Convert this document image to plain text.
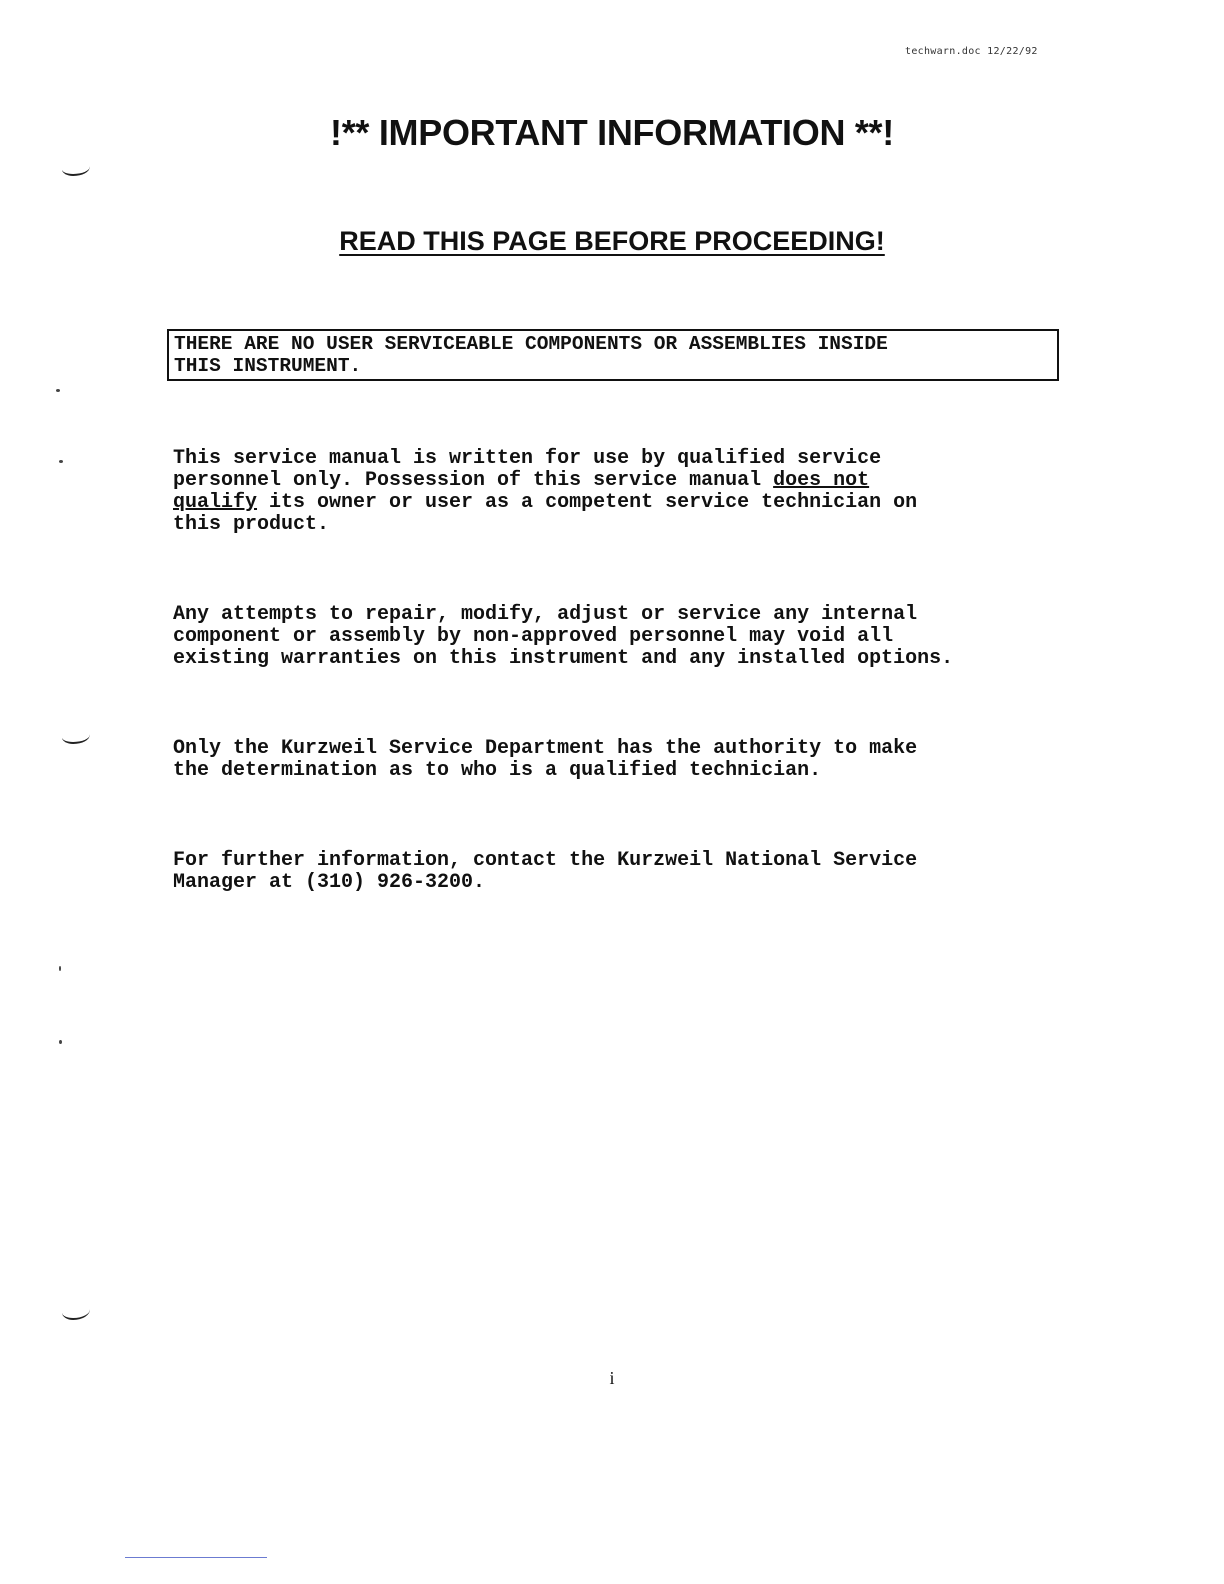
techwarn.doc 12/22/92
!** IMPORTANT INFORMATION **!
READ THIS PAGE BEFORE PROCEEDING!
THERE ARE NO USER SERVICEABLE COMPONENTS OR ASSEMBLIES INSIDE
THIS INSTRUMENT.

This service manual is written for use by qualified service
personnel only. Possession of this service manual does not
qualify its owner or user as a competent service technician on
this product.

Any attempts to repair, modify, adjust or service any internal
component or assembly by non-approved personnel may void all
existing warranties on this instrument and any installed options.

Only the Kurzweil Service Department has the authority to make
the determination as to who is a qualified technician.

For further information, contact the Kurzweil National Service
Manager at (310) 926-3200.

i
